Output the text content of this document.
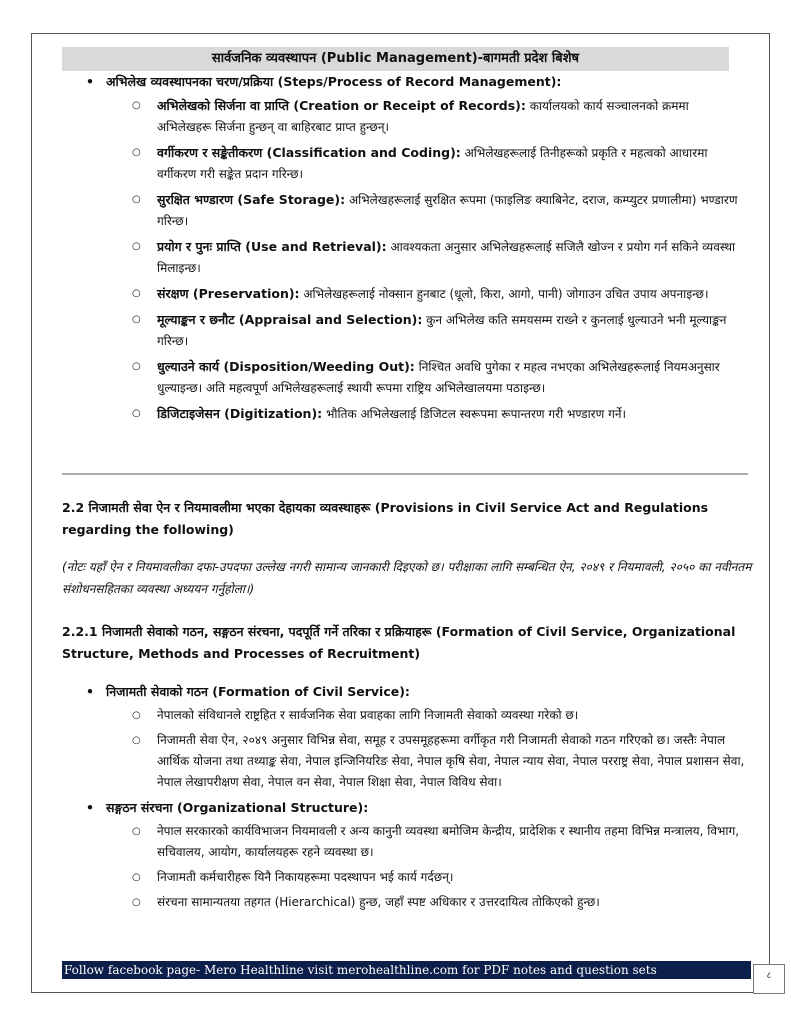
सार्वजनिक व्यवस्थापन (Public Management)-बागमती प्रदेश बिशेष
• अभिलेख व्यवस्थापनका चरण/प्रक्रिया (Steps/Process of Record Management):
○ अभिलेखको सिर्जना वा प्राप्ति (Creation or Receipt of Records): कार्यालयको कार्य सञ्चालनको क्रममा अभिलेखहरू सिर्जना हुन्छन् वा बाहिरबाट प्राप्त हुन्छन्।
○ वर्गीकरण र सङ्केतीकरण (Classification and Coding): अभिलेखहरूलाई तिनीहरूको प्रकृति र महत्वको आधारमा वर्गीकरण गरी सङ्केत प्रदान गरिन्छ।
○ सुरक्षित भण्डारण (Safe Storage): अभिलेखहरूलाई सुरक्षित रूपमा (फाइलिङ क्याबिनेट, दराज, कम्प्युटर प्रणालीमा) भण्डारण गरिन्छ।
○ प्रयोग र पुनः प्राप्ति (Use and Retrieval): आवश्यकता अनुसार अभिलेखहरूलाई सजिलै खोज्न र प्रयोग गर्न सकिने व्यवस्था मिलाइन्छ।
○ संरक्षण (Preservation): अभिलेखहरूलाई नोक्सान हुनबाट (धूलो, किरा, आगो, पानी) जोगाउन उचित उपाय अपनाइन्छ।
○ मूल्याङ्कन र छनौट (Appraisal and Selection): कुन अभिलेख कति समयसम्म राख्ने र कुनलाई धुल्याउने भनी मूल्याङ्कन गरिन्छ।
○ धुल्याउने कार्य (Disposition/Weeding Out): निश्चित अवधि पुगेका र महत्व नभएका अभिलेखहरूलाई नियमअनुसार धुल्याइन्छ। अति महत्वपूर्ण अभिलेखहरूलाई स्थायी रूपमा राष्ट्रिय अभिलेखालयमा पठाइन्छ।
○ डिजिटाइजेसन (Digitization): भौतिक अभिलेखलाई डिजिटल स्वरूपमा रूपान्तरण गरी भण्डारण गर्ने।
2.2 निजामती सेवा ऐन र नियमावलीमा भएका देहायका व्यवस्थाहरू (Provisions in Civil Service Act and Regulations regarding the following)
(नोटः यहाँ ऐन र नियमावलीका दफा-उपदफा उल्लेख नगरी सामान्य जानकारी दिइएको छ। परीक्षाका लागि सम्बन्धित ऐन, २०४९ र नियमावली, २०५० का नवीनतम संशोधनसहितका व्यवस्था अध्ययन गर्नुहोला।)
2.2.1 निजामती सेवाको गठन, सङ्गठन संरचना, पदपूर्ति गर्ने तरिका र प्रक्रियाहरू (Formation of Civil Service, Organizational Structure, Methods and Processes of Recruitment)
• निजामती सेवाको गठन (Formation of Civil Service):
○ नेपालको संविधानले राष्ट्रहित र सार्वजनिक सेवा प्रवाहका लागि निजामती सेवाको व्यवस्था गरेको छ।
○ निजामती सेवा ऐन, २०४९ अनुसार विभिन्न सेवा, समूह र उपसमूहहरूमा वर्गीकृत गरी निजामती सेवाको गठन गरिएको छ। जस्तैः नेपाल आर्थिक योजना तथा तथ्याङ्क सेवा, नेपाल इन्जिनियरिङ सेवा, नेपाल कृषि सेवा, नेपाल न्याय सेवा, नेपाल परराष्ट्र सेवा, नेपाल प्रशासन सेवा, नेपाल लेखापरीक्षण सेवा, नेपाल वन सेवा, नेपाल शिक्षा सेवा, नेपाल विविध सेवा।
• सङ्गठन संरचना (Organizational Structure):
○ नेपाल सरकारको कार्यविभाजन नियमावली र अन्य कानुनी व्यवस्था बमोजिम केन्द्रीय, प्रादेशिक र स्थानीय तहमा विभिन्न मन्त्रालय, विभाग, सचिवालय, आयोग, कार्यालयहरू रहने व्यवस्था छ।
○ निजामती कर्मचारीहरू यिनै निकायहरूमा पदस्थापन भई कार्य गर्दछन्।
○ संरचना सामान्यतया तहगत (Hierarchical) हुन्छ, जहाँ स्पष्ट अधिकार र उत्तरदायित्व तोकिएको हुन्छ।
Follow facebook page- Mero Healthline visit merohealthline.com for PDF notes and question sets	८
